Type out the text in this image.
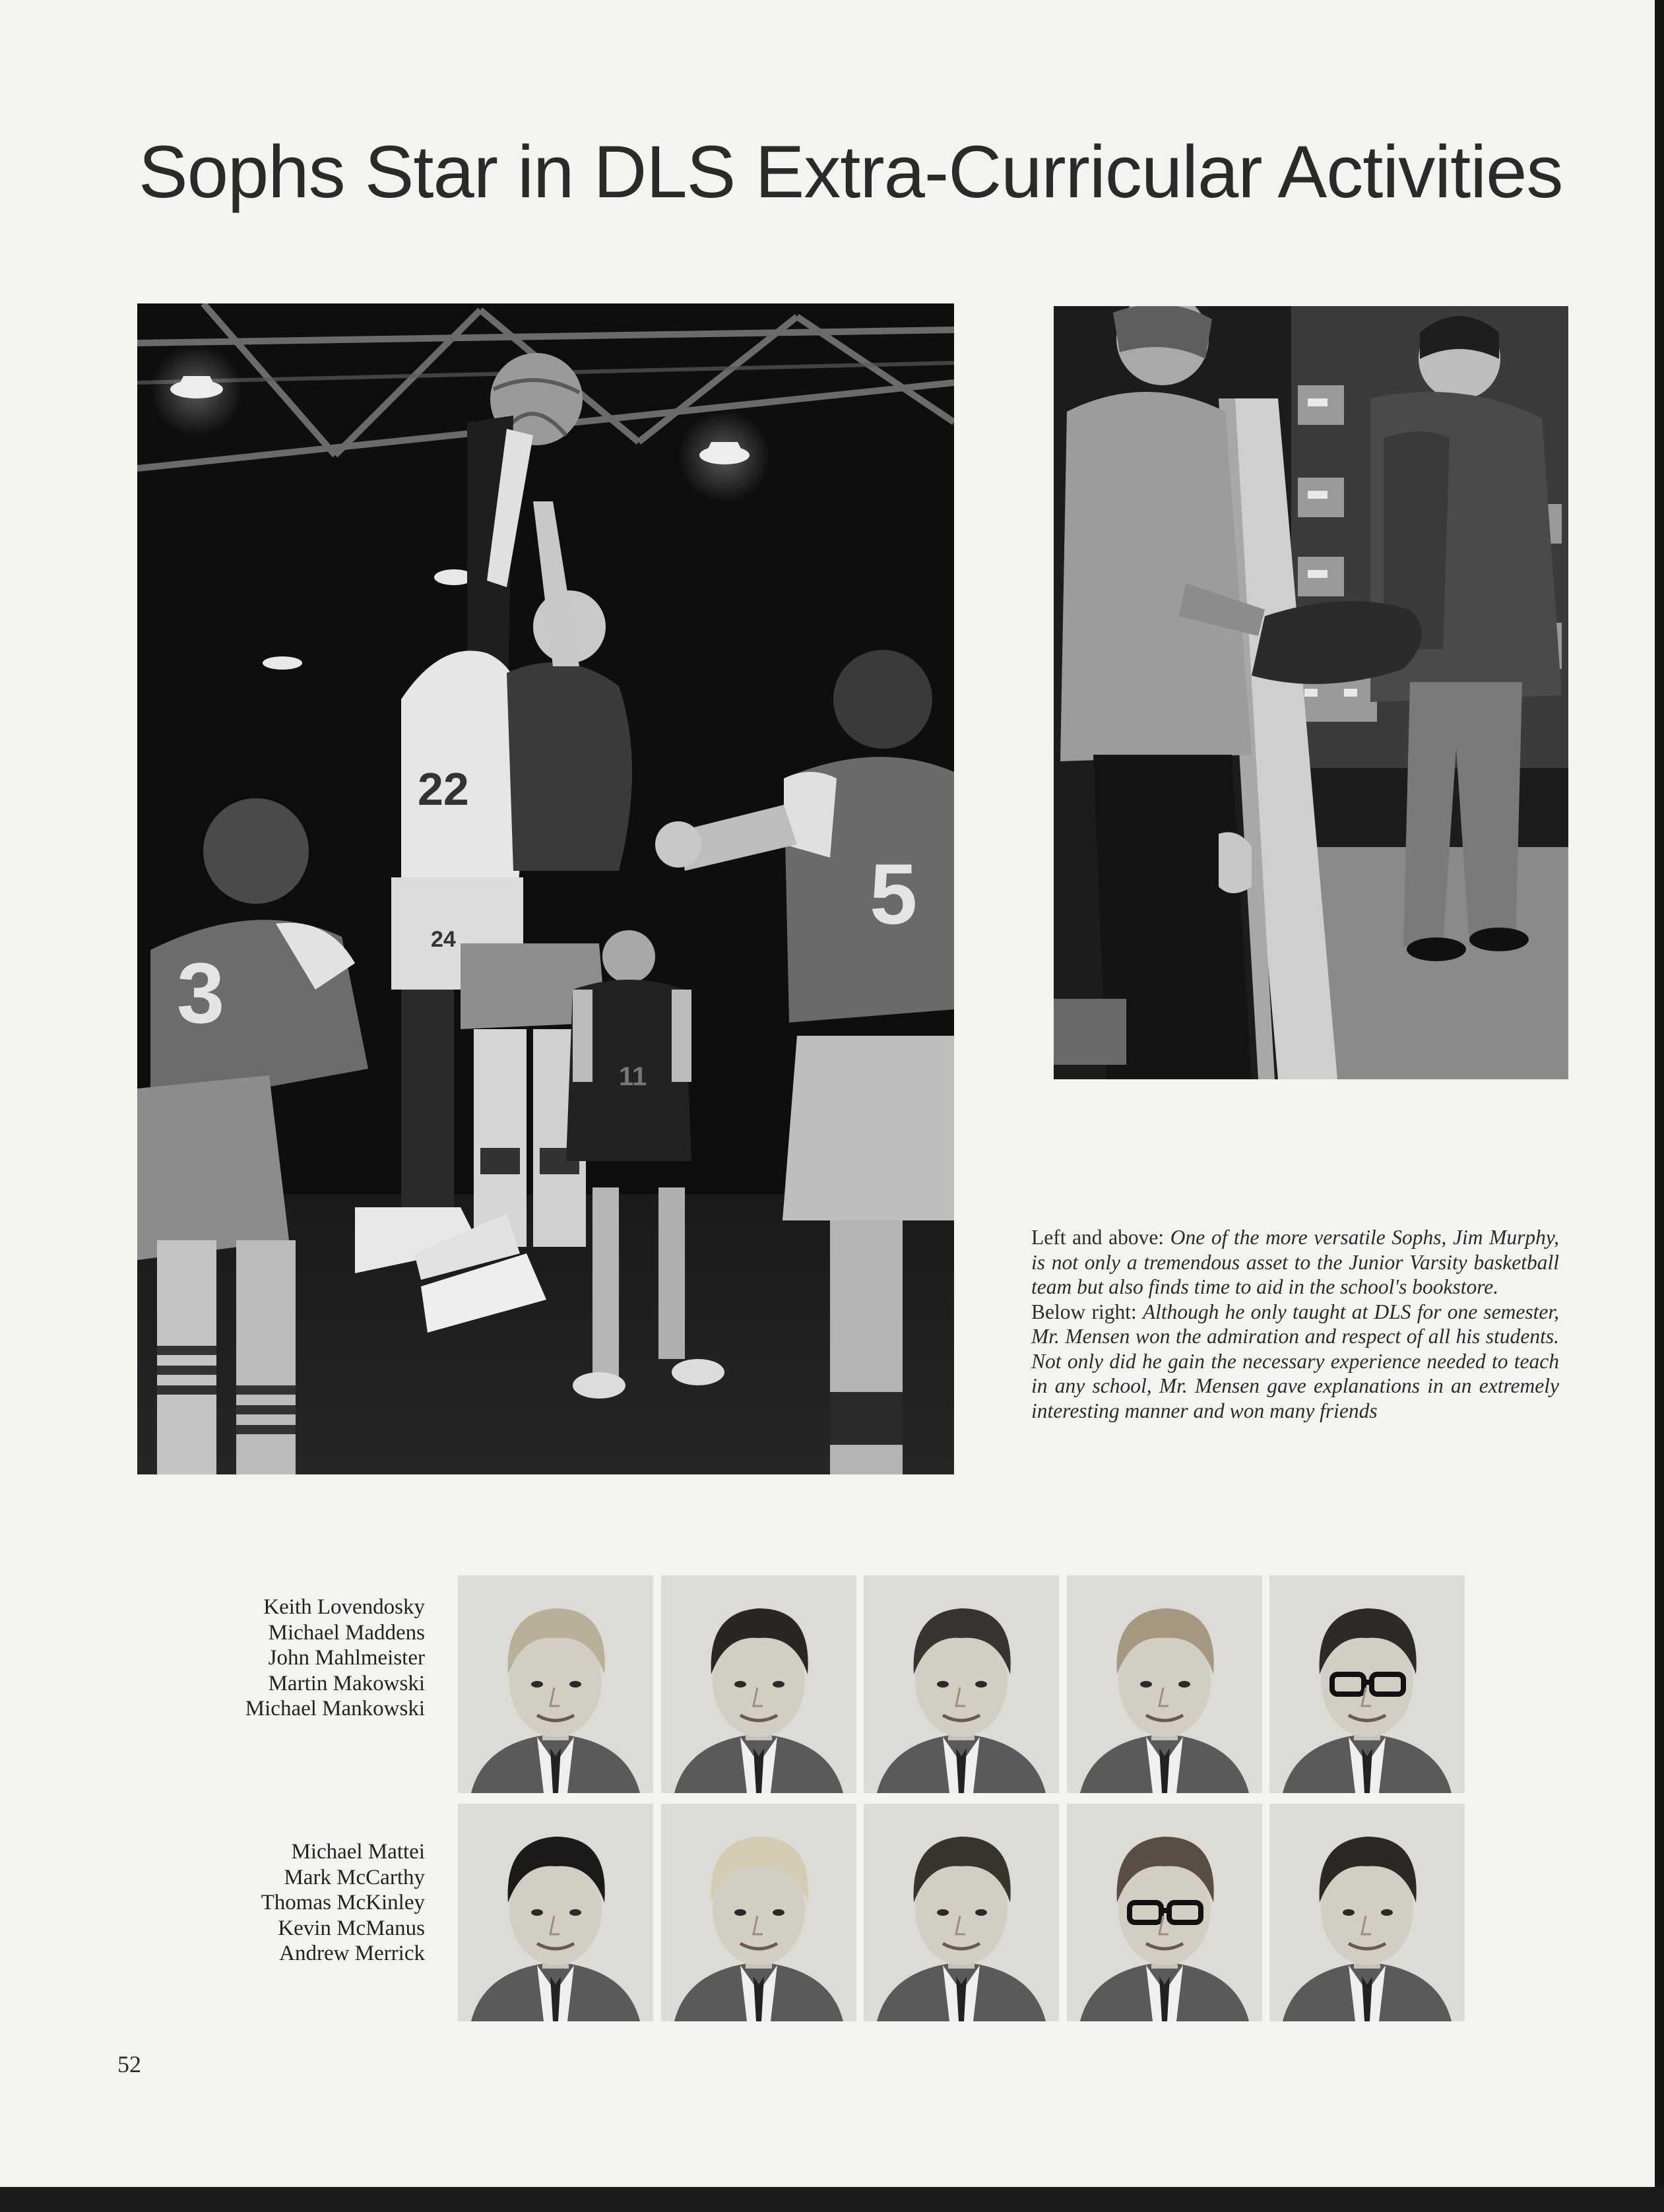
Sophs Star in DLS Extra-Curricular Activities
22
24
11
3
5

Left and above: One of the more versatile Sophs, Jim Murphy, is not only a tremendous asset to the Junior Varsity basketball team but also finds time to aid in the school's bookstore.

Below right: Although he only taught at DLS for one semester, Mr. Mensen won the admiration and respect of all his students. Not only did he gain the necessary experience needed to teach in any school, Mr. Mensen gave explanations in an extremely interesting manner and won many friends

Keith Lovendosky
Michael Maddens
John Mahlmeister
Martin Makowski
Michael Mankowski
Michael Mattei
Mark McCarthy
Thomas McKinley
Kevin McManus
Andrew Merrick
52
